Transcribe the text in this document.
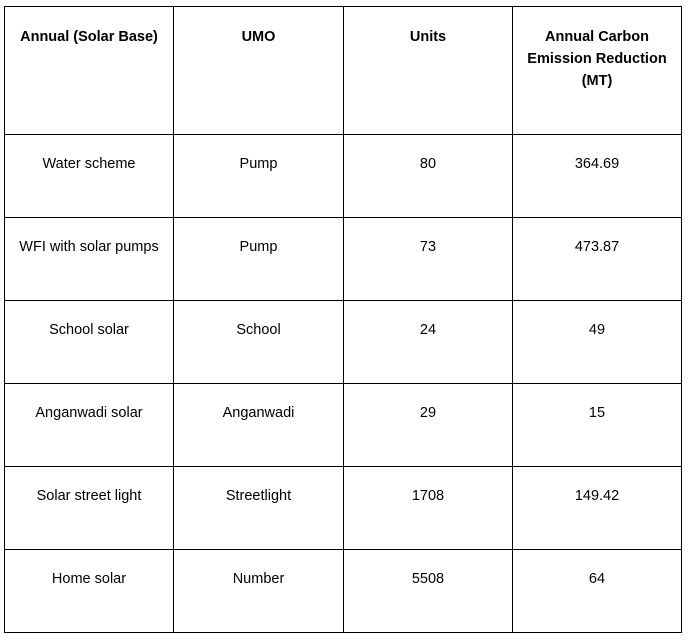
Annual (Solar Base)	UMO	Units	Annual Carbon Emission Reduction (MT)
Water scheme	Pump	80	364.69
WFI with solar pumps	Pump	73	473.87
School solar	School	24	49
Anganwadi solar	Anganwadi	29	15
Solar street light	Streetlight	1708	149.42
Home solar	Number	5508	64
